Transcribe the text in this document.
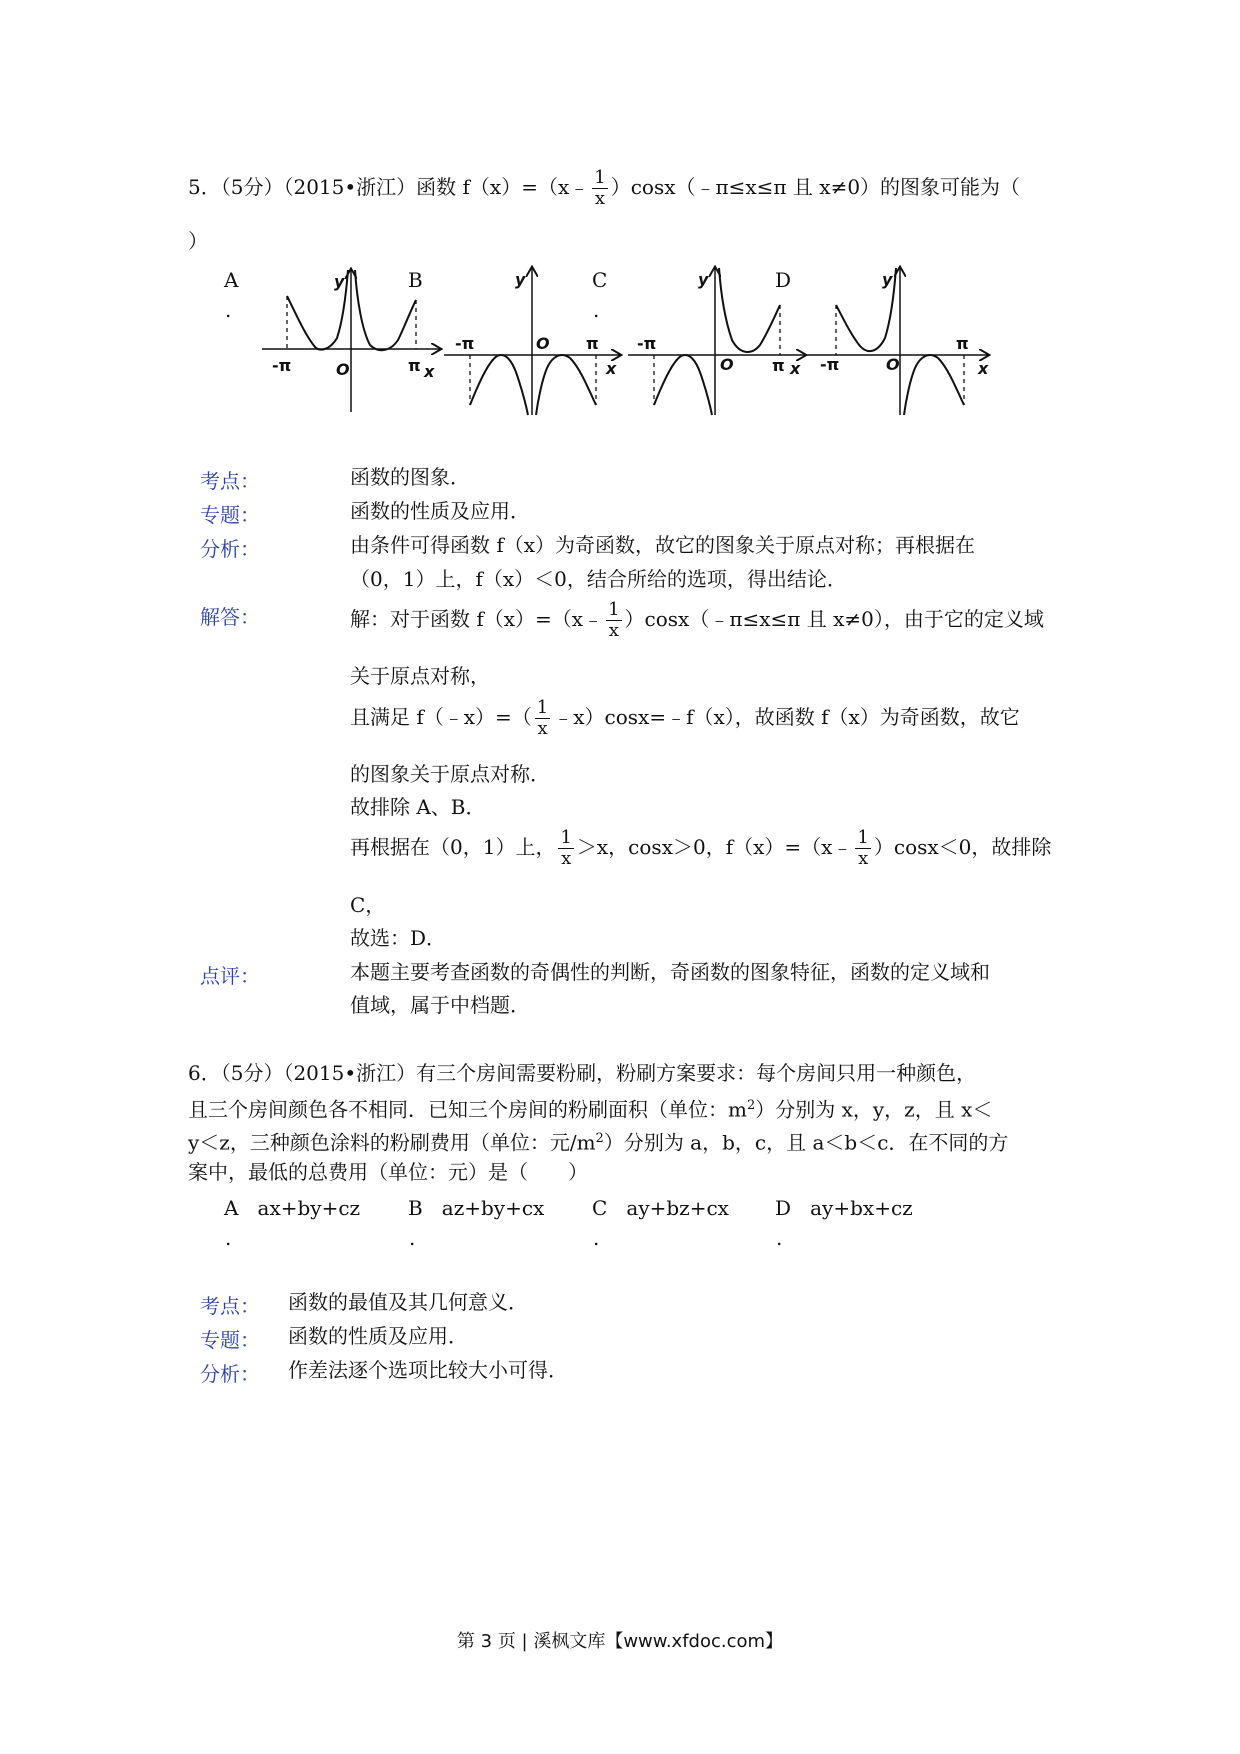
5．（5分）（2015•浙江）函数 f（x）=（x﹣ $\frac{1}{x}$ ）cosx（﹣π≤x≤π 且 x≠0）的图象可能为（
）
A
.
B	C
.
D
y
-π	O	π x
y
-π	O π
x
y
-π
O π x
y
-π	O
π
x
考点：	函数的图象．
专题：	函数的性质及应用．
分析：	由条件可得函数 f（x）为奇函数，故它的图象关于原点对称；再根据在
（0，1）上，f（x）＜0，结合所给的选项，得出结论．
解答：	解：对于函数 f（x）=（x﹣ $\frac{1}{x}$ ）cosx（﹣π≤x≤π 且 x≠0），由于它的定义域
关于原点对称，
且满足 f（﹣x）=（ $\frac{1}{x}$ ﹣x）cosx=﹣f（x），故函数 f（x）为奇函数，故它
的图象关于原点对称．
故排除 A、B．
再根据在（0，1）上， $\frac{1}{x} >x$，cosx＞0，f（x）=（x﹣ $\frac{1}{x} )\cos x<0$，故排除
C，
故选：D．
点评：	本题主要考查函数的奇偶性的判断，奇函数的图象特征，函数的定义域和
值域，属于中档题．
6．（5分）（2015•浙江）有三个房间需要粉刷，粉刷方案要求：每个房间只用一种颜色，
且三个房间颜色各不相同．已知三个房间的粉刷面积（单位：$m^2$）分别为 x，y，z，且 x＜
y＜z，三种颜色涂料的粉刷费用（单位：元$/m^2$）分别为 a，b，c，且 a＜b＜c．在不同的方
案中，最低的总费用（单位：元）是（　　）
A ax+by+cz
.
B az+by+cx
.
C ay+bz+cx
.
D ay+bx+cz
.
考点： 函数的最值及其几何意义．
专题： 函数的性质及应用．
分析： 作差法逐个选项比较大小可得．
第 3 页 | 溪枫文库【www.xfdoc.com】
